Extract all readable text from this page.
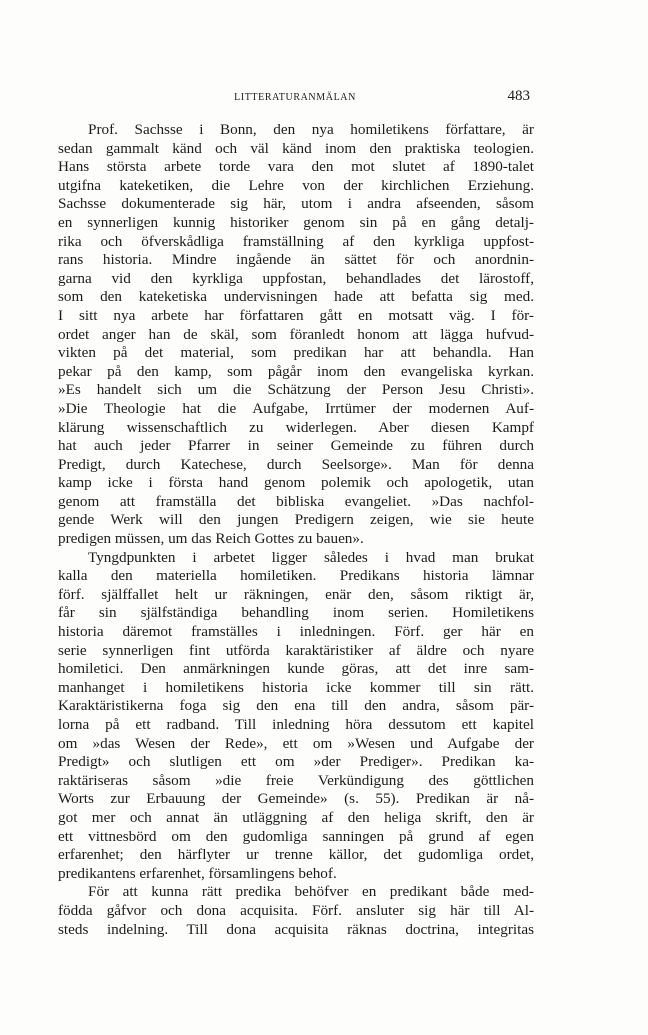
LITTERATURANMÄLAN	483
Prof. Sachsse i Bonn, den nya homiletikens författare, är
sedan gammalt känd och väl känd inom den praktiska teologien.
Hans största arbete torde vara den mot slutet af 1890-talet
utgifna kateketiken, die Lehre von der kirchlichen Erziehung.
Sachsse dokumenterade sig här, utom i andra afseenden, såsom
en synnerligen kunnig historiker genom sin på en gång detalj-
rika och öfverskådliga framställning af den kyrkliga uppfost-
rans historia. Mindre ingående än sättet för och anordnin-
garna vid den kyrkliga uppfostan, behandlades det lärostoff,
som den kateketiska undervisningen hade att befatta sig med.
I sitt nya arbete har författaren gått en motsatt väg. I för-
ordet anger han de skäl, som föranledt honom att lägga hufvud-
vikten på det material, som predikan har att behandla. Han
pekar på den kamp, som pågår inom den evangeliska kyrkan.
»Es handelt sich um die Schätzung der Person Jesu Christi».
»Die Theologie hat die Aufgabe, Irrtümer der modernen Auf-
klärung wissenschaftlich zu widerlegen. Aber diesen Kampf
hat auch jeder Pfarrer in seiner Gemeinde zu führen durch
Predigt, durch Katechese, durch Seelsorge». Man för denna
kamp icke i första hand genom polemik och apologetik, utan
genom att framställa det bibliska evangeliet. »Das nachfol-
gende Werk will den jungen Predigern zeigen, wie sie heute
predigen müssen, um das Reich Gottes zu bauen».
Tyngdpunkten i arbetet ligger således i hvad man brukat
kalla den materiella homiletiken. Predikans historia lämnar
förf. själffallet helt ur räkningen, enär den, såsom riktigt är,
får sin själfständiga behandling inom serien. Homiletikens
historia däremot framställes i inledningen. Förf. ger här en
serie synnerligen fint utförda karaktäristiker af äldre och nyare
homiletici. Den anmärkningen kunde göras, att det inre sam-
manhanget i homiletikens historia icke kommer till sin rätt.
Karaktäristikerna foga sig den ena till den andra, såsom pär-
lorna på ett radband. Till inledning höra dessutom ett kapitel
om »das Wesen der Rede», ett om »Wesen und Aufgabe der
Predigt» och slutligen ett om »der Prediger». Predikan ka-
raktäriseras såsom »die freie Verkündigung des göttlichen
Worts zur Erbauung der Gemeinde» (s. 55). Predikan är nå-
got mer och annat än utläggning af den heliga skrift, den är
ett vittnesbörd om den gudomliga sanningen på grund af egen
erfarenhet; den härflyter ur trenne källor, det gudomliga ordet,
predikantens erfarenhet, församlingens behof.
För att kunna rätt predika behöfver en predikant både med-
födda gåfvor och dona acquisita. Förf. ansluter sig här till Al-
steds indelning. Till dona acquisita räknas doctrina, integritas
